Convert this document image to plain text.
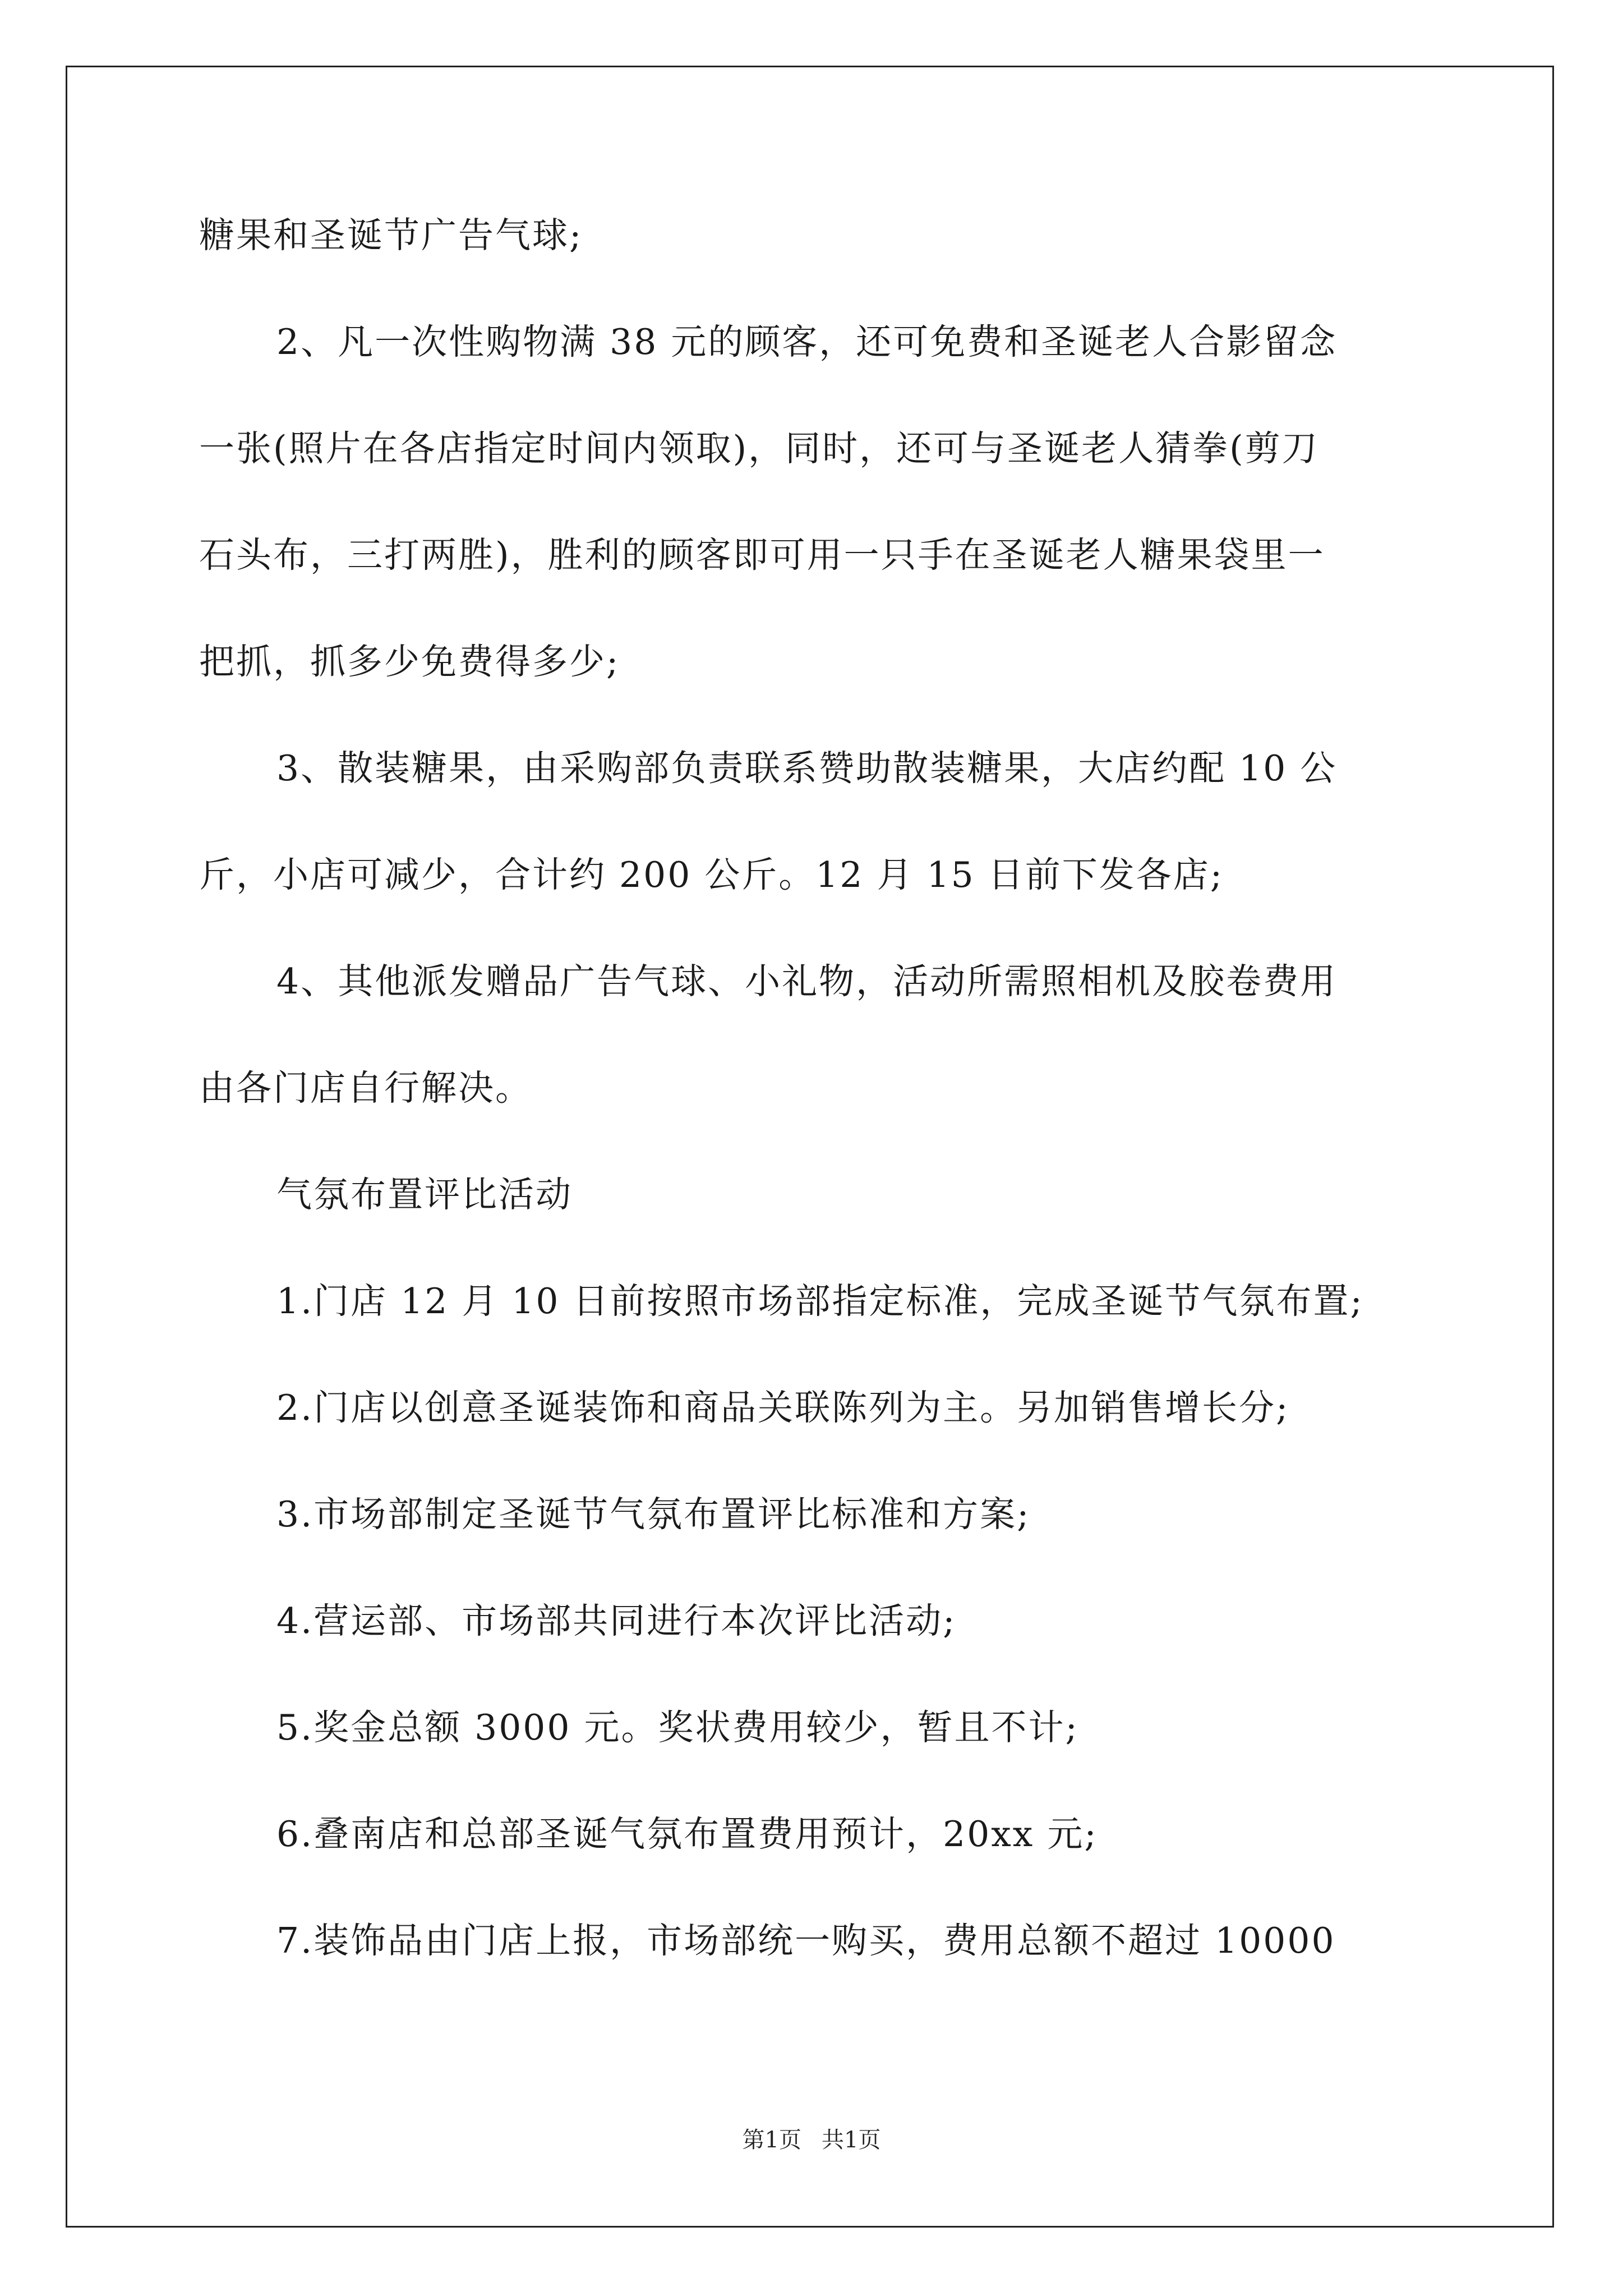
糖果和圣诞节广告气球;
2、凡一次性购物满 38 元的顾客，还可免费和圣诞老人合影留念
一张(照片在各店指定时间内领取)，同时，还可与圣诞老人猜拳(剪刀
石头布，三打两胜)，胜利的顾客即可用一只手在圣诞老人糖果袋里一
把抓，抓多少免费得多少;
3、散装糖果，由采购部负责联系赞助散装糖果，大店约配 10 公
斤，小店可减少，合计约 200 公斤。12 月 15 日前下发各店;
4、其他派发赠品广告气球、小礼物，活动所需照相机及胶卷费用
由各门店自行解决。
气氛布置评比活动
1.门店 12 月 10 日前按照市场部指定标准，完成圣诞节气氛布置;
2.门店以创意圣诞装饰和商品关联陈列为主。另加销售增长分;
3.市场部制定圣诞节气氛布置评比标准和方案;
4.营运部、市场部共同进行本次评比活动;
5.奖金总额 3000 元。奖状费用较少，暂且不计;
6.叠南店和总部圣诞气氛布置费用预计，20xx 元;
7.装饰品由门店上报，市场部统一购买，费用总额不超过 10000
第1页 共1页
